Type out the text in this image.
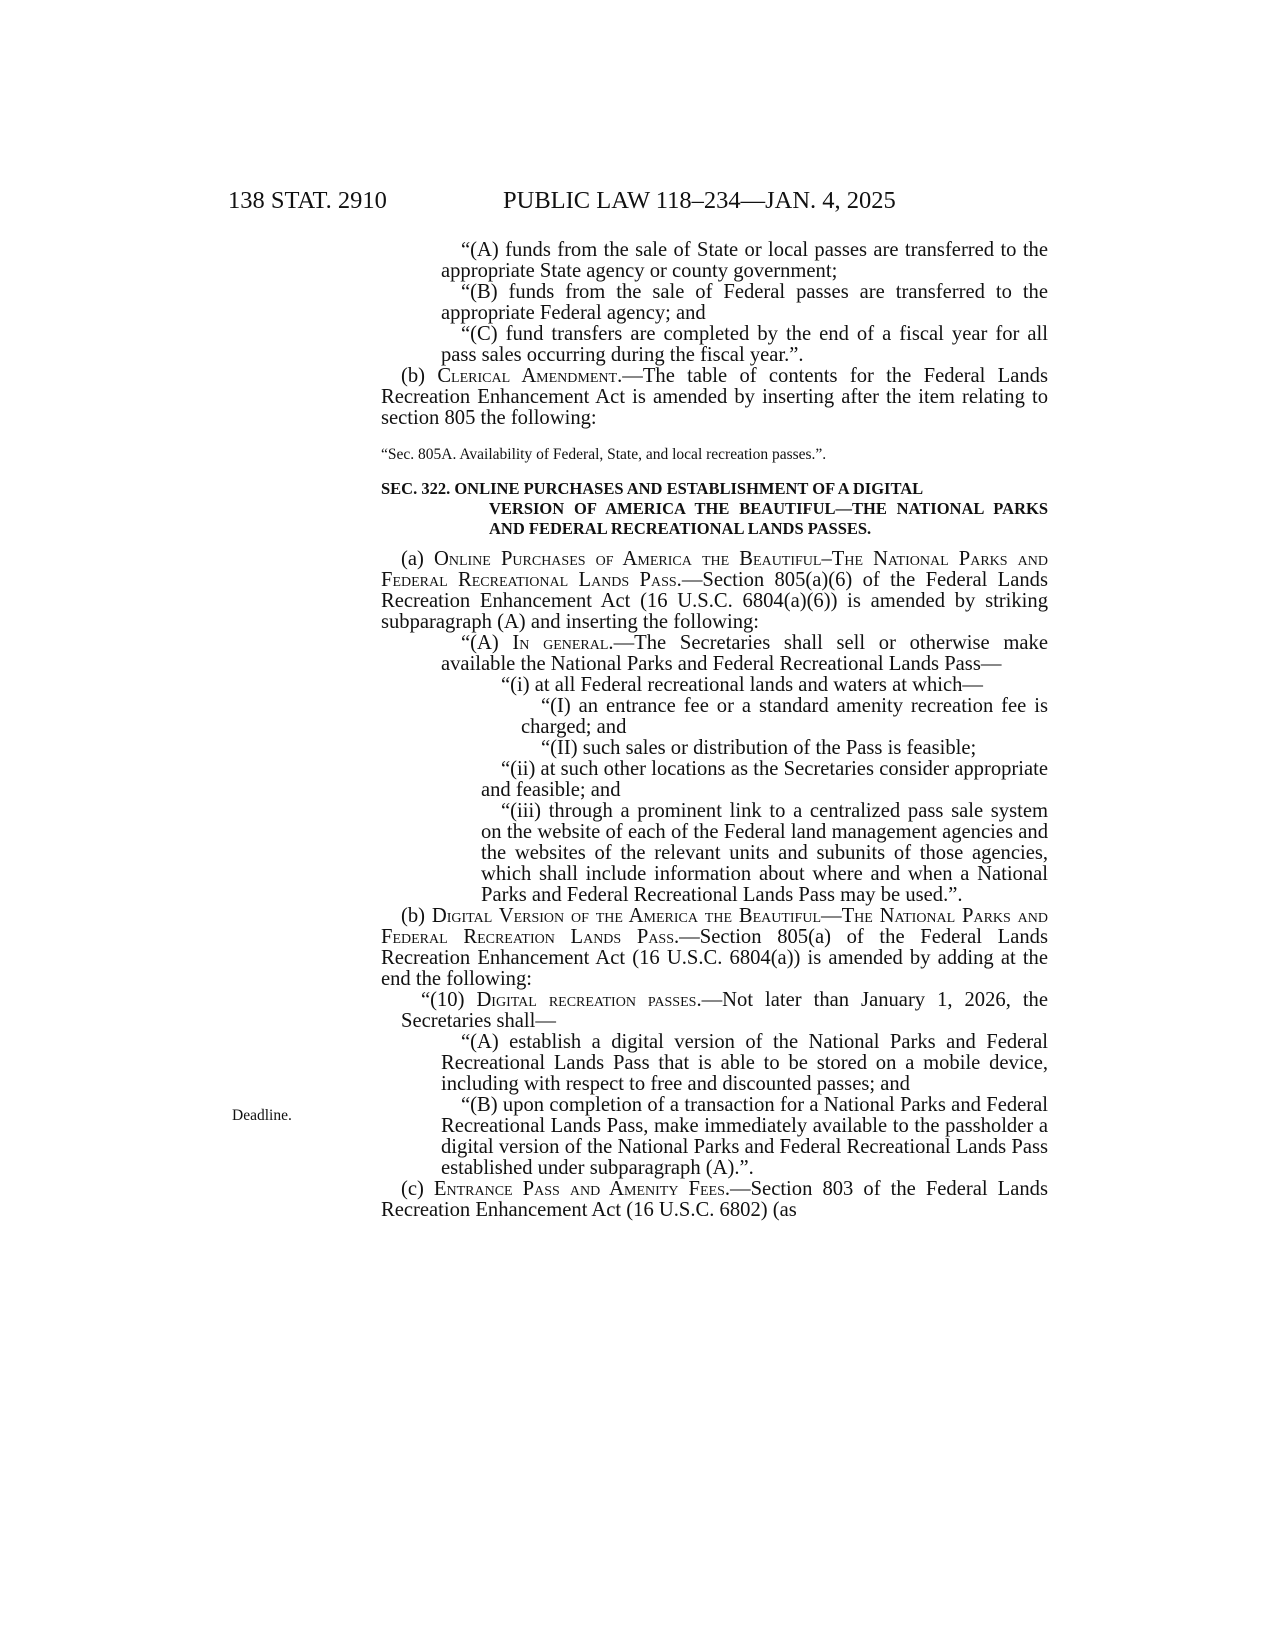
138 STAT. 2910	PUBLIC LAW 118–234—JAN. 4, 2025
Deadline.

“(A) funds from the sale of State or local passes are transferred to the appropriate State agency or county government;

“(B) funds from the sale of Federal passes are transferred to the appropriate Federal agency; and

“(C) fund transfers are completed by the end of a fiscal year for all pass sales occurring during the fiscal year.”.

(b) Clerical Amendment.—The table of contents for the Federal Lands Recreation Enhancement Act is amended by inserting after the item relating to section 805 the following:

“Sec. 805A. Availability of Federal, State, and local recreation passes.”.

SEC. 322. ONLINE PURCHASES AND ESTABLISHMENT OF A DIGITAL
VERSION OF AMERICA THE BEAUTIFUL—THE NATIONAL PARKS AND FEDERAL RECREATIONAL LANDS PASSES.

(a) Online Purchases of America the Beautiful–The National Parks and Federal Recreational Lands Pass.—Section 805(a)(6) of the Federal Lands Recreation Enhancement Act (16 U.S.C. 6804(a)(6)) is amended by striking subparagraph (A) and inserting the following:

“(A) In general.—The Secretaries shall sell or otherwise make available the National Parks and Federal Recreational Lands Pass—

“(i) at all Federal recreational lands and waters at which—

“(I) an entrance fee or a standard amenity recreation fee is charged; and

“(II) such sales or distribution of the Pass is feasible;

“(ii) at such other locations as the Secretaries consider appropriate and feasible; and

“(iii) through a prominent link to a centralized pass sale system on the website of each of the Federal land management agencies and the websites of the relevant units and subunits of those agencies, which shall include information about where and when a National Parks and Federal Recreational Lands Pass may be used.”.

(b) Digital Version of the America the Beautiful—The National Parks and Federal Recreation Lands Pass.—Section 805(a) of the Federal Lands Recreation Enhancement Act (16 U.S.C. 6804(a)) is amended by adding at the end the following:

“(10) Digital recreation passes.—Not later than January 1, 2026, the Secretaries shall—

“(A) establish a digital version of the National Parks and Federal Recreational Lands Pass that is able to be stored on a mobile device, including with respect to free and discounted passes; and

“(B) upon completion of a transaction for a National Parks and Federal Recreational Lands Pass, make immediately available to the passholder a digital version of the National Parks and Federal Recreational Lands Pass established under subparagraph (A).”.

(c) Entrance Pass and Amenity Fees.—Section 803 of the Federal Lands Recreation Enhancement Act (16 U.S.C. 6802) (as
